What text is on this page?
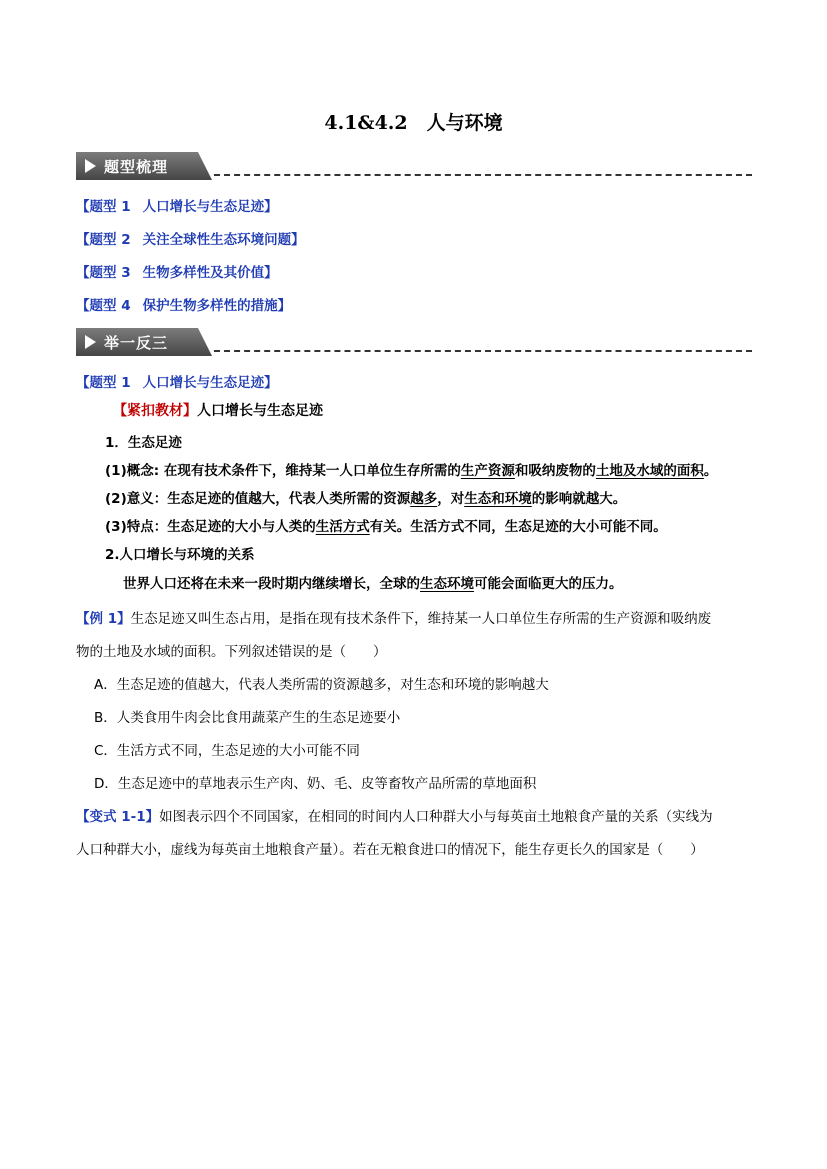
4.1&4.2　人与环境
题型梳理
【题型 1 人口增长与生态足迹】
【题型 2 关注全球性生态环境问题】
【题型 3 生物多样性及其价值】
【题型 4 保护生物多样性的措施】
举一反三
【题型 1 人口增长与生态足迹】
【紧扣教材】人口增长与生态足迹
1．生态足迹
(1)概念: 在现有技术条件下，维持某一人口单位生存所需的生产资源和吸纳废物的土地及水域的面积。
(2)意义：生态足迹的值越大，代表人类所需的资源越多，对生态和环境的影响就越大。
(3)特点：生态足迹的大小与人类的生活方式有关。生活方式不同，生态足迹的大小可能不同。
2.人口增长与环境的关系
世界人口还将在未来一段时期内继续增长，全球的生态环境可能会面临更大的压力。
【例 1】生态足迹又叫生态占用，是指在现有技术条件下，维持某一人口单位生存所需的生产资源和吸纳废
物的土地及水域的面积。下列叙述错误的是（　　）
A．生态足迹的值越大，代表人类所需的资源越多，对生态和环境的影响越大
B．人类食用牛肉会比食用蔬菜产生的生态足迹要小
C．生活方式不同，生态足迹的大小可能不同
D．生态足迹中的草地表示生产肉、奶、毛、皮等畜牧产品所需的草地面积
【变式 1-1】如图表示四个不同国家，在相同的时间内人口种群大小与每英亩土地粮食产量的关系（实线为
人口种群大小，虚线为每英亩土地粮食产量）。若在无粮食进口的情况下，能生存更长久的国家是（　　）
